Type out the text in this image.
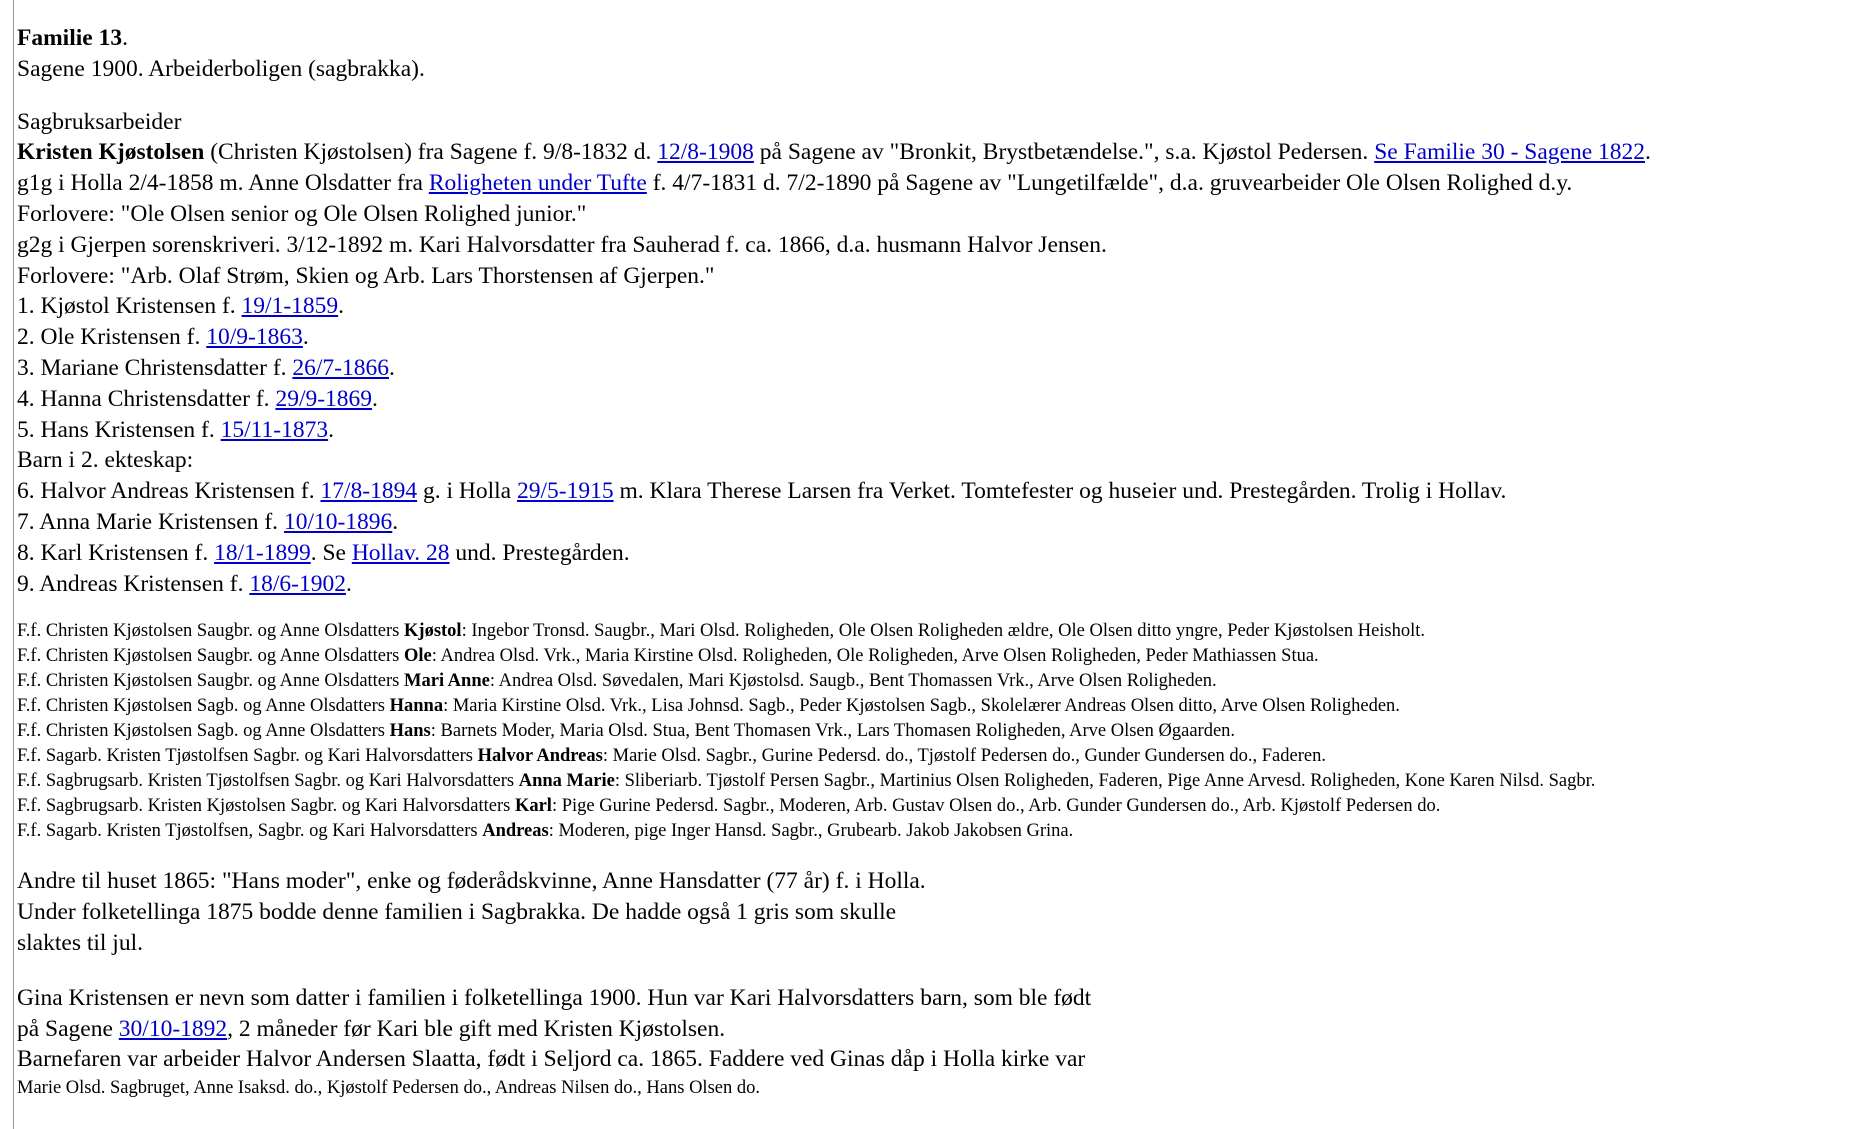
Familie 13.

Sagene 1900. Arbeiderboligen (sagbrakka).

Sagbruksarbeider

Kristen Kjøstolsen (Christen Kjøstolsen) fra Sagene f. 9/8-1832 d. 12/8-1908 på Sagene av "Bronkit, Brystbetændelse.", s.a. Kjøstol Pedersen. Se Familie 30 - Sagene 1822.

g1g i Holla 2/4-1858 m. Anne Olsdatter fra Roligheten under Tufte f. 4/7-1831 d. 7/2-1890 på Sagene av "Lungetilfælde", d.a. gruvearbeider Ole Olsen Rolighed d.y.

Forlovere: "Ole Olsen senior og Ole Olsen Rolighed junior."

g2g i Gjerpen sorenskriveri. 3/12-1892 m. Kari Halvorsdatter fra Sauherad f. ca. 1866, d.a. husmann Halvor Jensen.

Forlovere: "Arb. Olaf Strøm, Skien og Arb. Lars Thorstensen af Gjerpen."

1. Kjøstol Kristensen f. 19/1-1859.

2. Ole Kristensen f. 10/9-1863.

3. Mariane Christensdatter f. 26/7-1866.

4. Hanna Christensdatter f. 29/9-1869.

5. Hans Kristensen f. 15/11-1873.

Barn i 2. ekteskap:

6. Halvor Andreas Kristensen f. 17/8-1894 g. i Holla 29/5-1915 m. Klara Therese Larsen fra Verket. Tomtefester og huseier und. Prestegården. Trolig i Hollav.

7. Anna Marie Kristensen f. 10/10-1896.

8. Karl Kristensen f. 18/1-1899. Se Hollav. 28 und. Prestegården.

9. Andreas Kristensen f. 18/6-1902.

F.f. Christen Kjøstolsen Saugbr. og Anne Olsdatters Kjøstol: Ingebor Tronsd. Saugbr., Mari Olsd. Roligheden, Ole Olsen Roligheden ældre, Ole Olsen ditto yngre, Peder Kjøstolsen Heisholt.

F.f. Christen Kjøstolsen Saugbr. og Anne Olsdatters Ole: Andrea Olsd. Vrk., Maria Kirstine Olsd. Roligheden, Ole Roligheden, Arve Olsen Roligheden, Peder Mathiassen Stua.

F.f. Christen Kjøstolsen Saugbr. og Anne Olsdatters Mari Anne: Andrea Olsd. Søvedalen, Mari Kjøstolsd. Saugb., Bent Thomassen Vrk., Arve Olsen Roligheden.

F.f. Christen Kjøstolsen Sagb. og Anne Olsdatters Hanna: Maria Kirstine Olsd. Vrk., Lisa Johnsd. Sagb., Peder Kjøstolsen Sagb., Skolelærer Andreas Olsen ditto, Arve Olsen Roligheden.

F.f. Christen Kjøstolsen Sagb. og Anne Olsdatters Hans: Barnets Moder, Maria Olsd. Stua, Bent Thomasen Vrk., Lars Thomasen Roligheden, Arve Olsen Øgaarden.

F.f. Sagarb. Kristen Tjøstolfsen Sagbr. og Kari Halvorsdatters Halvor Andreas: Marie Olsd. Sagbr., Gurine Pedersd. do., Tjøstolf Pedersen do., Gunder Gundersen do., Faderen.

F.f. Sagbrugsarb. Kristen Tjøstolfsen Sagbr. og Kari Halvorsdatters Anna Marie: Sliberiarb. Tjøstolf Persen Sagbr., Martinius Olsen Roligheden, Faderen, Pige Anne Arvesd. Roligheden, Kone Karen Nilsd. Sagbr.

F.f. Sagbrugsarb. Kristen Kjøstolsen Sagbr. og Kari Halvorsdatters Karl: Pige Gurine Pedersd. Sagbr., Moderen, Arb. Gustav Olsen do., Arb. Gunder Gundersen do., Arb. Kjøstolf Pedersen do.

F.f. Sagarb. Kristen Tjøstolfsen, Sagbr. og Kari Halvorsdatters Andreas: Moderen, pige Inger Hansd. Sagbr., Grubearb. Jakob Jakobsen Grina.

Andre til huset 1865: "Hans moder", enke og føderådskvinne, Anne Hansdatter (77 år) f. i Holla.

Under folketellinga 1875 bodde denne familien i Sagbrakka. De hadde også 1 gris som skulle

slaktes til jul.

Gina Kristensen er nevn som datter i familien i folketellinga 1900. Hun var Kari Halvorsdatters barn, som ble født

på Sagene 30/10-1892, 2 måneder før Kari ble gift med Kristen Kjøstolsen.

Barnefaren var arbeider Halvor Andersen Slaatta, født i Seljord ca. 1865. Faddere ved Ginas dåp i Holla kirke var

Marie Olsd. Sagbruget, Anne Isaksd. do., Kjøstolf Pedersen do., Andreas Nilsen do., Hans Olsen do.
